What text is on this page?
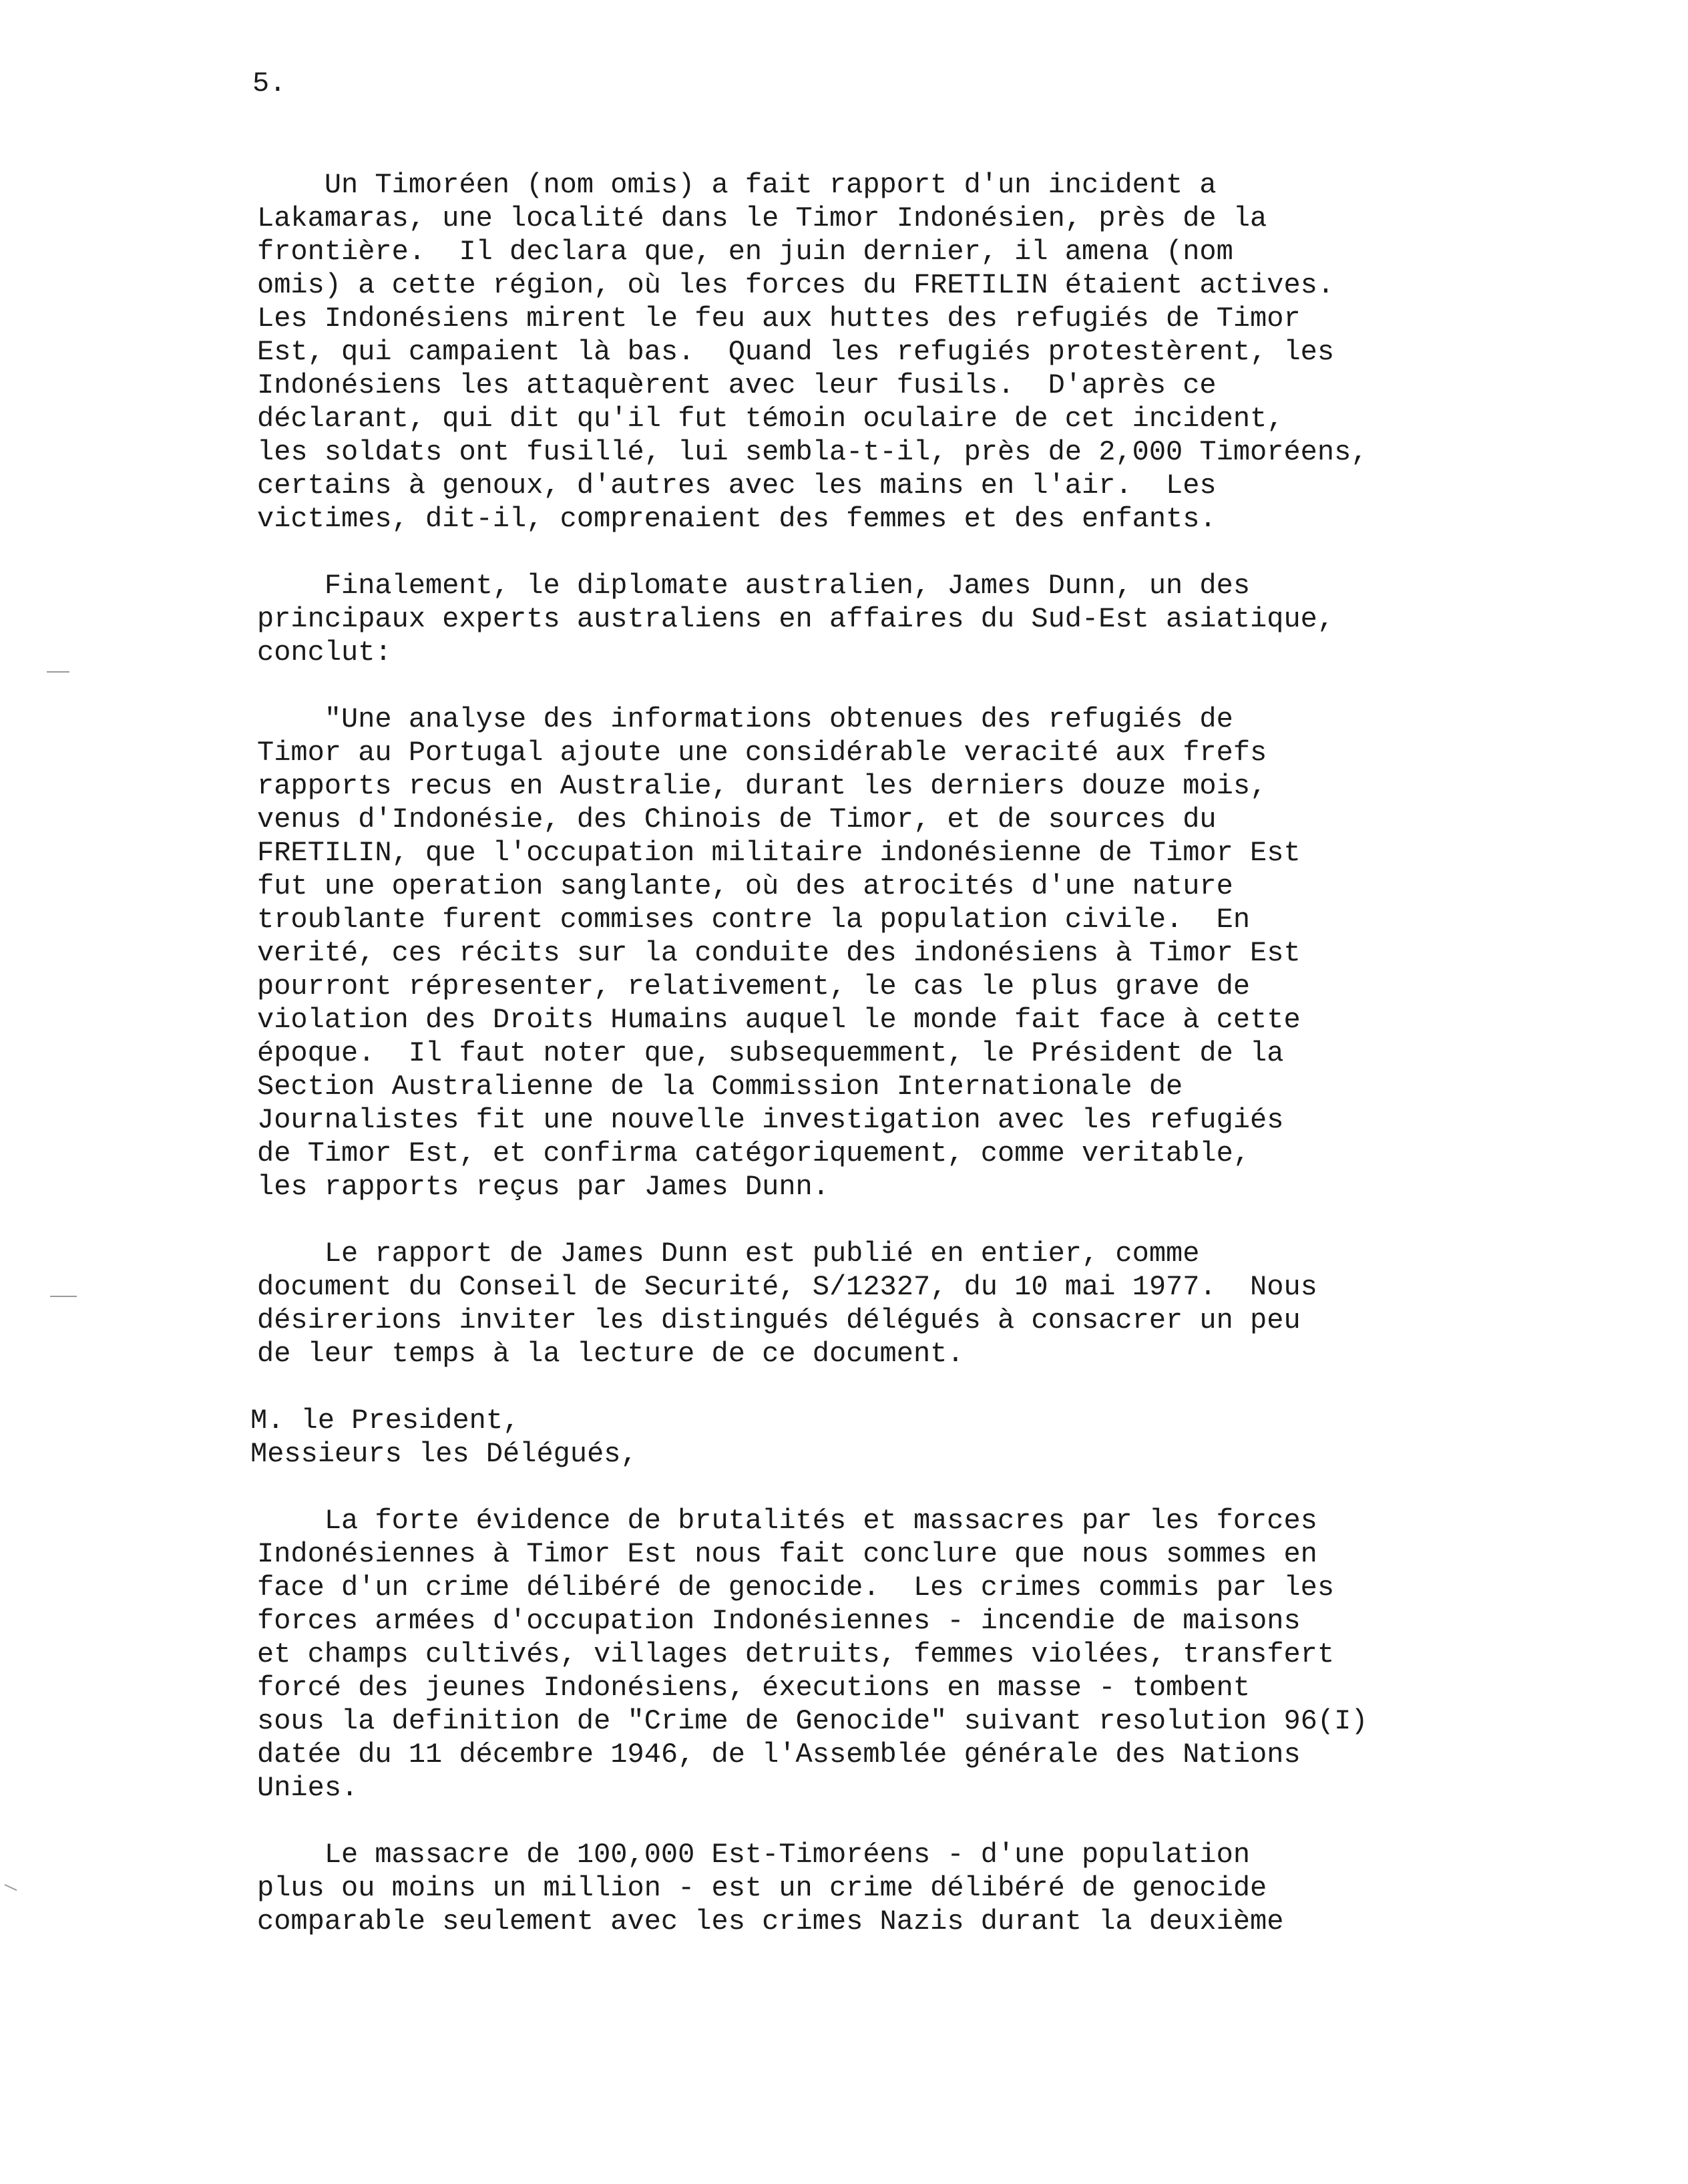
5.

Un Timoréen (nom omis) a fait rapport d'un incident a
Lakamaras, une localité dans le Timor Indonésien, près de la
frontière.  Il declara que, en juin dernier, il amena (nom
omis) a cette région, où les forces du FRETILIN étaient actives.
Les Indonésiens mirent le feu aux huttes des refugiés de Timor
Est, qui campaient là bas.  Quand les refugiés protestèrent, les
Indonésiens les attaquèrent avec leur fusils.  D'après ce
déclarant, qui dit qu'il fut témoin oculaire de cet incident,
les soldats ont fusillé, lui sembla-t-il, près de 2,000 Timoréens,
certains à genoux, d'autres avec les mains en l'air.  Les
victimes, dit-il, comprenaient des femmes et des enfants.

Finalement, le diplomate australien, James Dunn, un des
principaux experts australiens en affaires du Sud-Est asiatique,
conclut:

"Une analyse des informations obtenues des refugiés de
Timor au Portugal ajoute une considérable veracité aux frefs
rapports recus en Australie, durant les derniers douze mois,
venus d'Indonésie, des Chinois de Timor, et de sources du
FRETILIN, que l'occupation militaire indonésienne de Timor Est
fut une operation sanglante, où des atrocités d'une nature
troublante furent commises contre la population civile.  En
verité, ces récits sur la conduite des indonésiens à Timor Est
pourront répresenter, relativement, le cas le plus grave de
violation des Droits Humains auquel le monde fait face à cette
époque.  Il faut noter que, subsequemment, le Président de la
Section Australienne de la Commission Internationale de
Journalistes fit une nouvelle investigation avec les refugiés
de Timor Est, et confirma catégoriquement, comme veritable,
les rapports reçus par James Dunn.

Le rapport de James Dunn est publié en entier, comme
document du Conseil de Securité, S/12327, du 10 mai 1977.  Nous
désirerions inviter les distingués délégués à consacrer un peu
de leur temps à la lecture de ce document.

M. le President,
Messieurs les Délégués,

La forte évidence de brutalités et massacres par les forces
Indonésiennes à Timor Est nous fait conclure que nous sommes en
face d'un crime délibéré de genocide.  Les crimes commis par les
forces armées d'occupation Indonésiennes - incendie de maisons
et champs cultivés, villages detruits, femmes violées, transfert
forcé des jeunes Indonésiens, éxecutions en masse - tombent
sous la definition de "Crime de Genocide" suivant resolution 96(I)
datée du 11 décembre 1946, de l'Assemblée générale des Nations
Unies.

Le massacre de 100,000 Est-Timoréens - d'une population
plus ou moins un million - est un crime délibéré de genocide
comparable seulement avec les crimes Nazis durant la deuxième
